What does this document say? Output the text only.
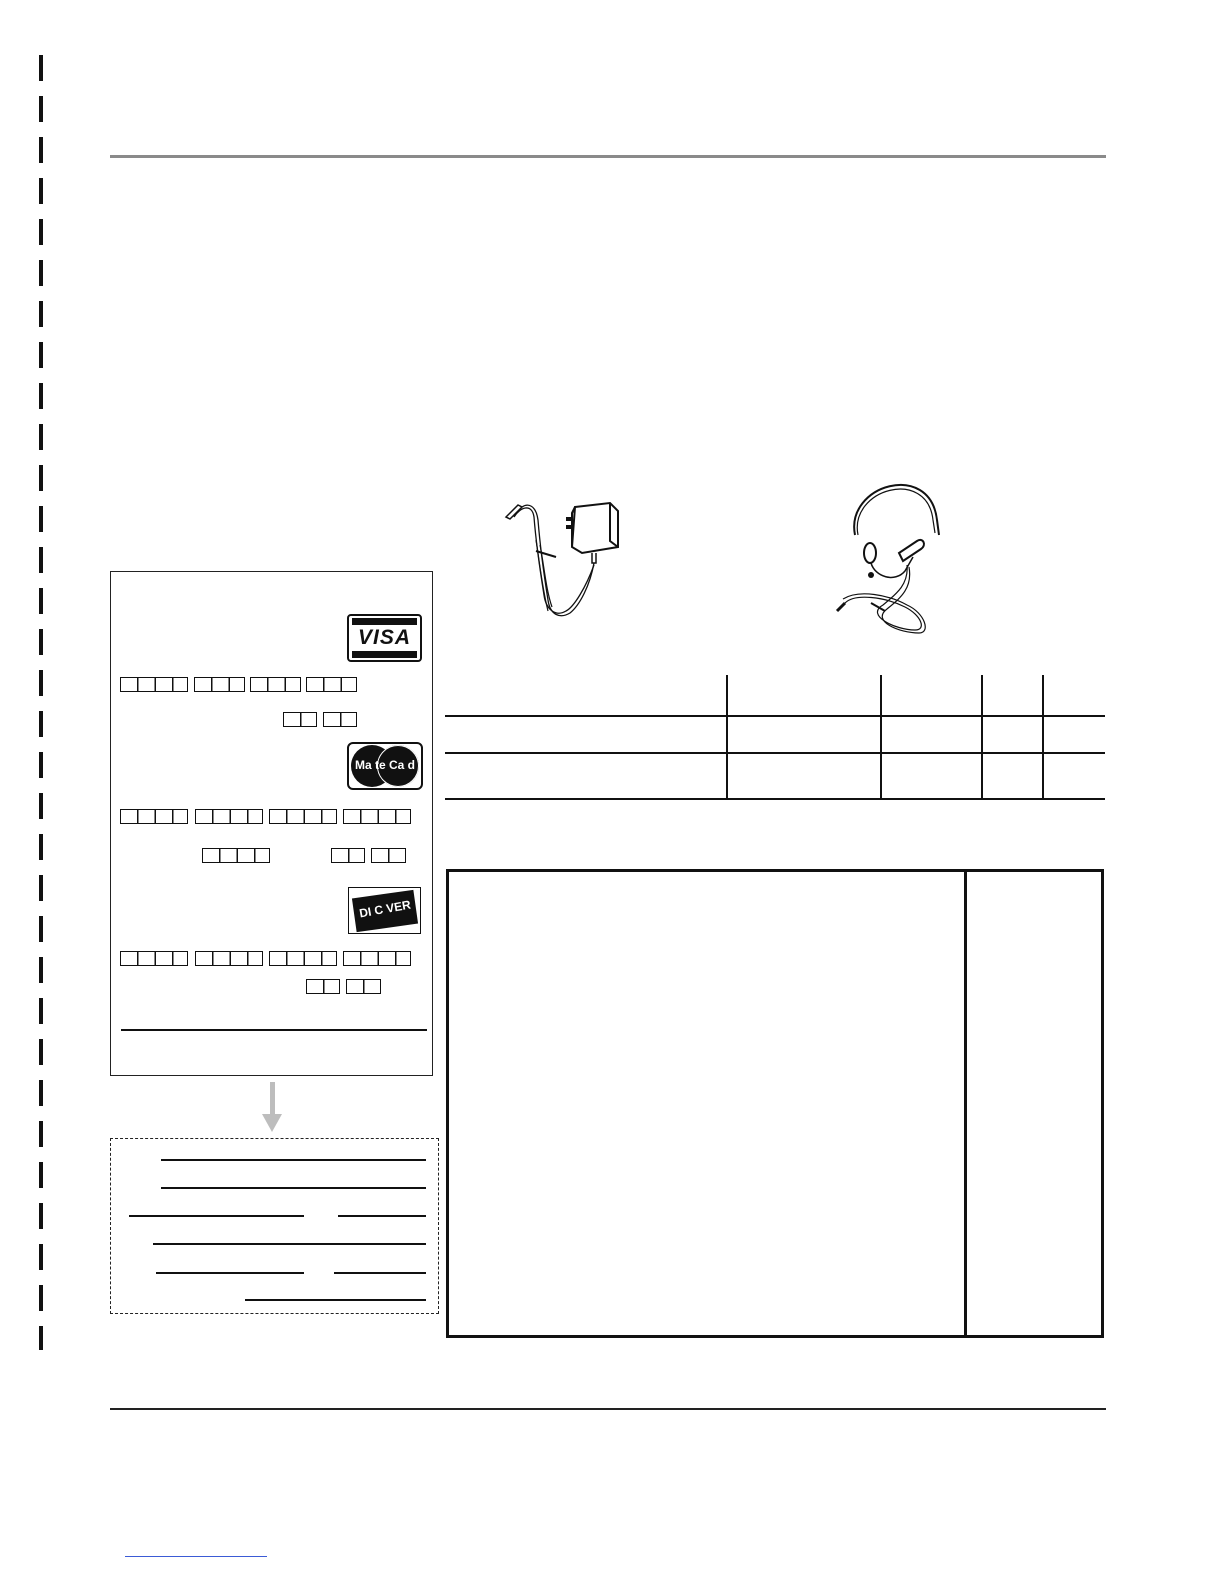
VISA
Ma te Ca d
DI C VER
